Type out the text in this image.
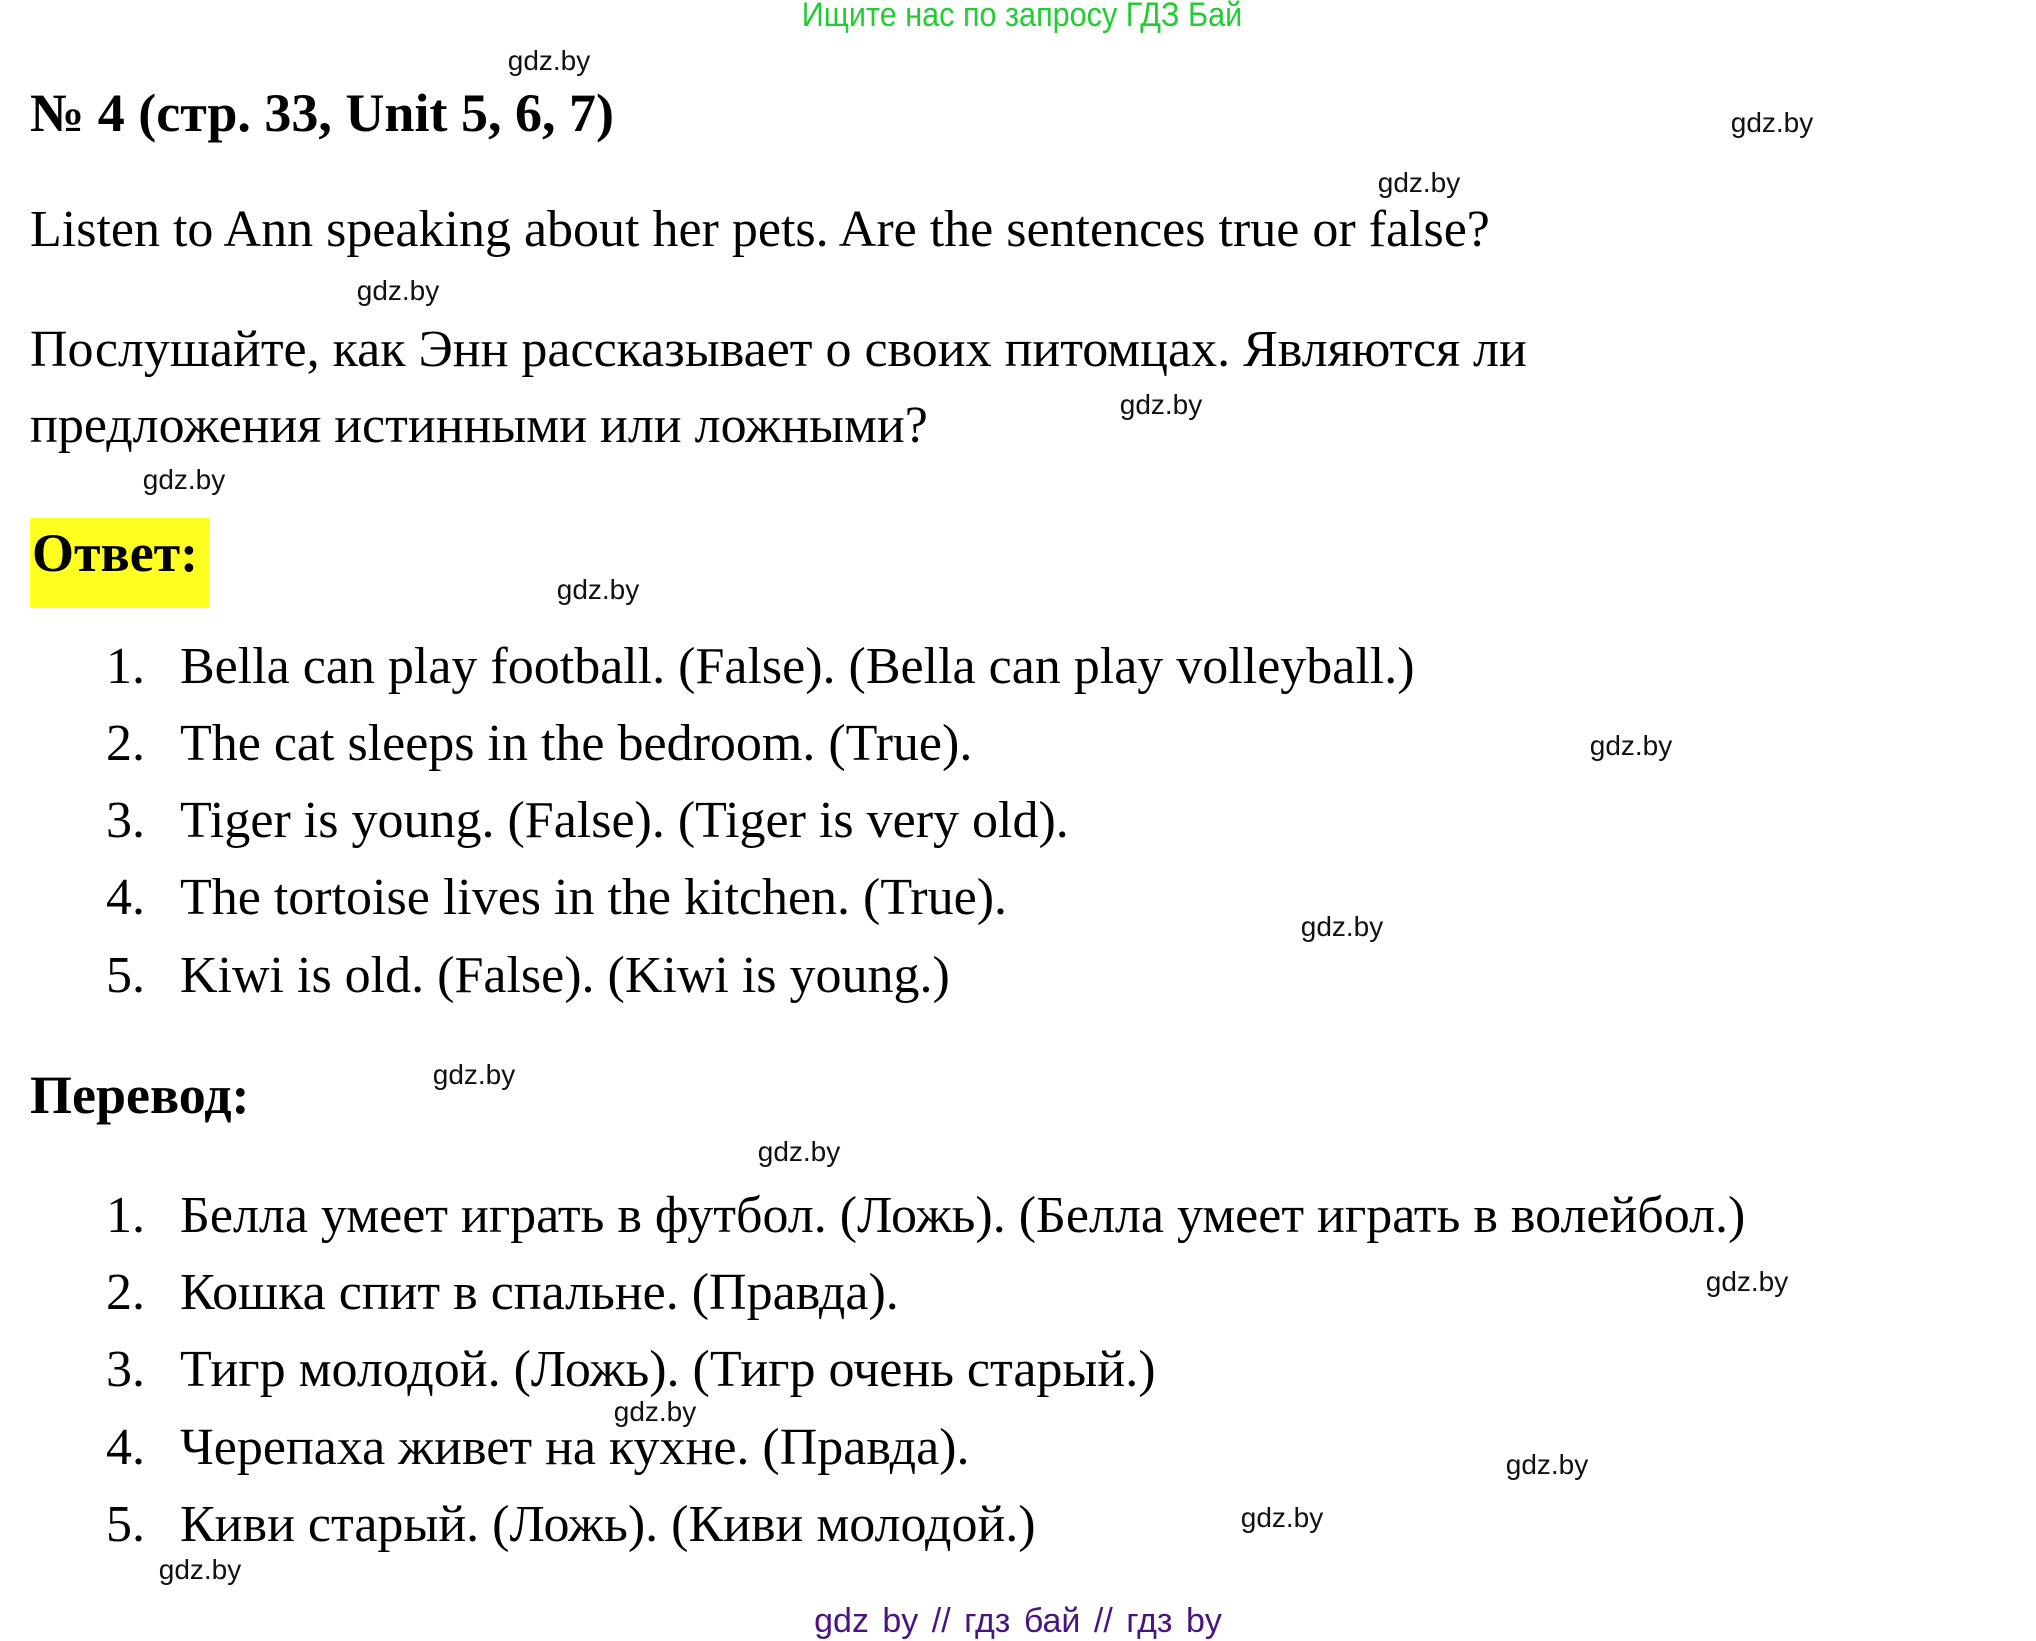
Ищите нас по запросу ГДЗ Бай
№ 4 (стр. 33, Unit 5, 6, 7)
Listen to Ann speaking about her pets. Are the sentences true or false?
Послушайте, как Энн рассказывает о своих питомцах. Являются ли
предложения истинными или ложными?
Ответ:
1. Bella can play football. (False). (Bella can play volleyball.)
2. The cat sleeps in the bedroom. (True).
3. Tiger is young. (False). (Tiger is very old).
4. The tortoise lives in the kitchen. (True).
5. Kiwi is old. (False). (Kiwi is young.)
Перевод:
1. Белла умеет играть в футбол. (Ложь). (Белла умеет играть в волейбол.)
2. Кошка спит в спальне. (Правда).
3. Тигр молодой. (Ложь). (Тигр очень старый.)
4. Черепаха живет на кухне. (Правда).
5. Киви старый. (Ложь). (Киви молодой.)
gdz.by
gdz.by
gdz.by
gdz.by
gdz.by
gdz.by
gdz.by
gdz.by
gdz.by
gdz.by
gdz.by
gdz.by
gdz.by
gdz.by
gdz.by
gdz.by
gdz by // гдз бай // гдз by
